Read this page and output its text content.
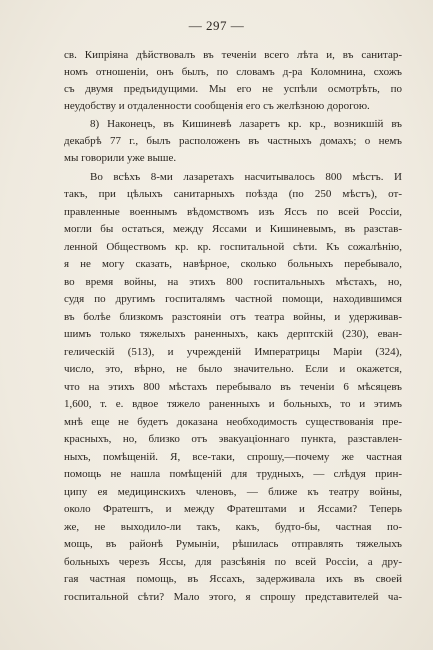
— 297 —
св. Кипріяна дѣйствовалъ въ теченіи всего лѣта и, въ санитар-
номъ отношеніи, онъ былъ, по словамъ д-ра Коломнина, схожъ
съ двумя предъидущими. Мы его не успѣли осмотрѣть, по
неудобству и отдаленности сообщенія его съ желѣзною дорогою.
8) Наконецъ, въ Кишиневѣ лазаретъ кр. кр., возникшій въ
декабрѣ 77 г., былъ расположенъ въ частныхъ домахъ; о немъ
мы говорили уже выше.
Во всѣхъ 8-ми лазаретахъ насчитывалось 800 мѣстъ. И
такъ, при цѣлыхъ санитарныхъ поѣзда (по 250 мѣстъ), от-
правленные военнымъ вѣдомствомъ изъ Яссъ по всей Россіи,
могли бы остаться, между Яссами и Кишиневымъ, въ разстав-
ленной Обществомъ кр. кр. госпитальной сѣти. Къ сожалѣнію,
я не могу сказать, навѣрное, сколько больныхъ перебывало,
во время войны, на этихъ 800 госпитальныхъ мѣстахъ, но,
судя по другимъ госпиталямъ частной помощи, находившимся
въ болѣе близкомъ разстояніи отъ театра войны, и удерживав-
шимъ только тяжелыхъ раненныхъ, какъ дерптскій (230), еван-
гелическій (513), и учрежденій Императрицы Маріи (324),
число, это, вѣрно, не было значительно. Если и окажется,
что на этихъ 800 мѣстахъ перебывало въ теченіи 6 мѣсяцевъ
1,600, т. е. вдвое тяжело раненныхъ и больныхъ, то и этимъ
мнѣ еще не будетъ доказана необходимость существованія пре-
красныхъ, но, близко отъ эвакуаціоннаго пункта, разставлен-
ныхъ, помѣщеній. Я, все-таки, спрошу,—почему же частная
помощь не нашла помѣщеній для трудныхъ, — слѣдуя прин-
ципу ея медицинскихъ членовъ, — ближе къ театру войны,
около Фратештъ, и между Фратештами и Яссами? Теперь
же, не выходило-ли такъ, какъ, будто-бы, частная по-
мощь, въ районѣ Румыніи, рѣшилась отправлять тяжелыхъ
больныхъ черезъ Яссы, для разсѣянія по всей Россіи, а дру-
гая частная помощь, въ Яссахъ, задерживала ихъ въ своей
госпитальной сѣти? Мало этого, я спрошу представителей ча-
